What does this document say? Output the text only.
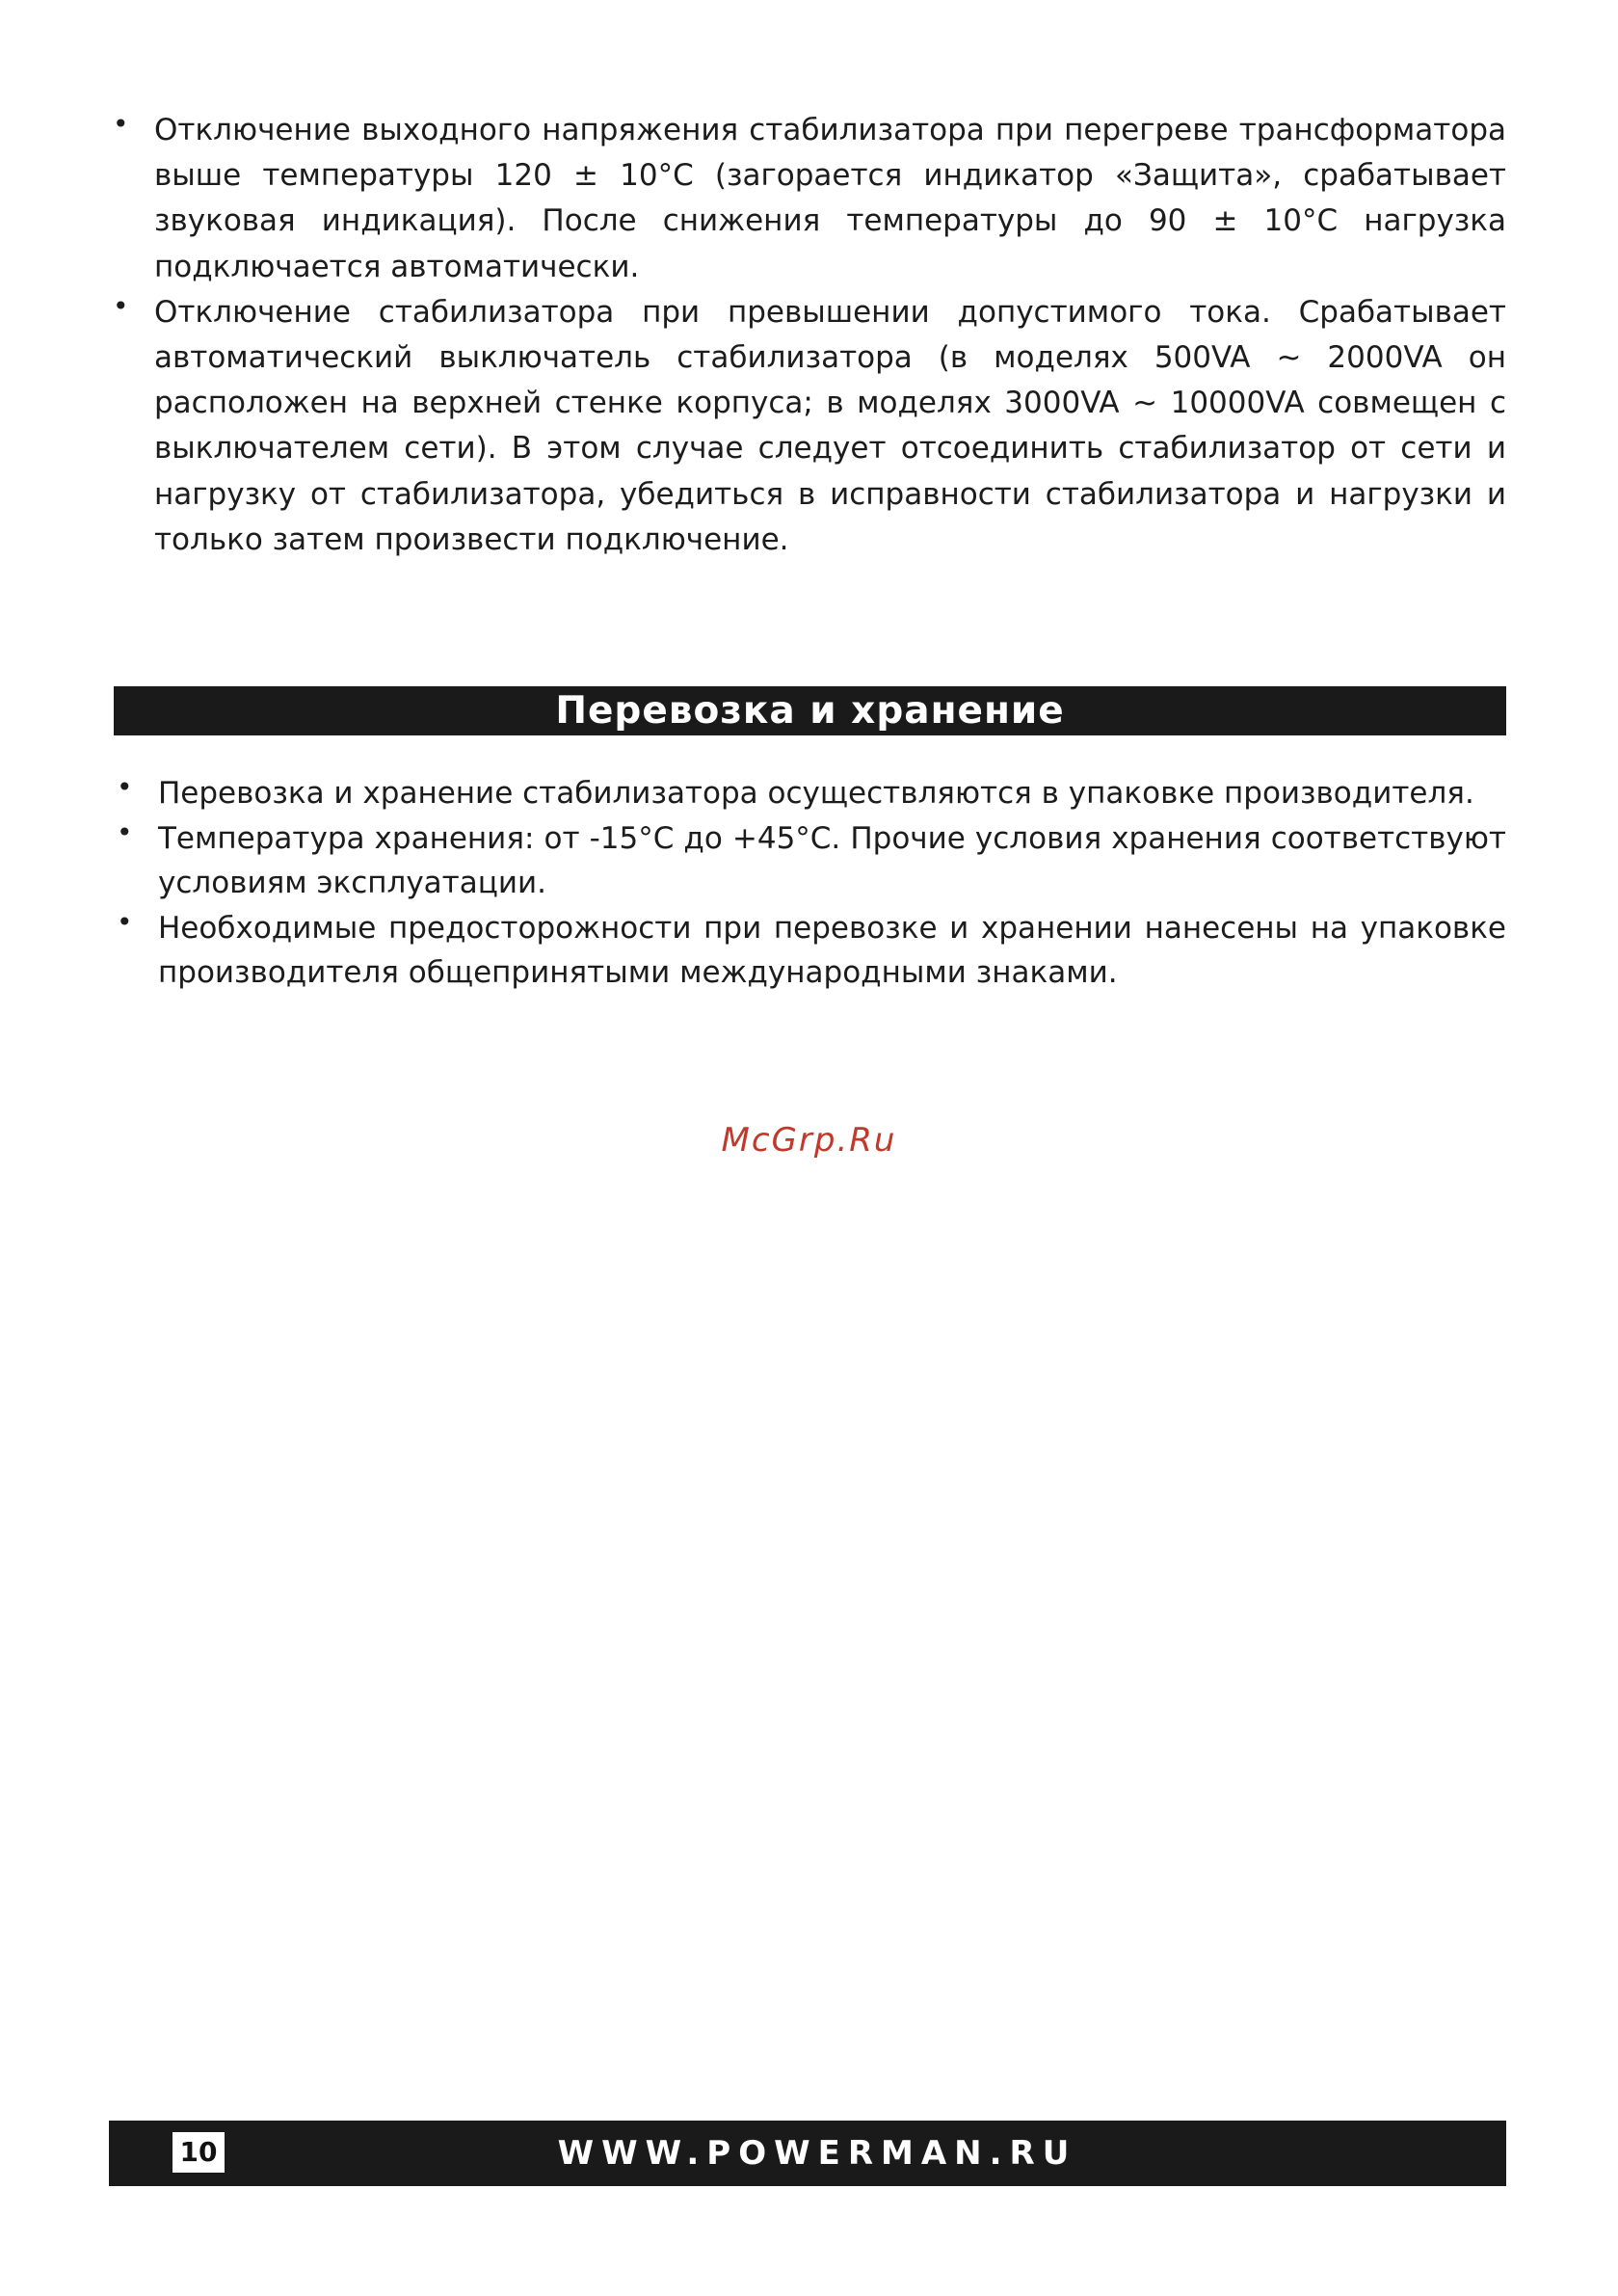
• Отключение выходного напряжения стабилизатора при перегреве трансформатора выше температуры 120 ± 10°С (загорается индикатор «Защита», срабатывает звуковая индикация). После снижения температуры до 90 ± 10°С нагрузка подключается автоматически.
• Отключение стабилизатора при превышении допустимого тока. Срабатывает автоматический выключатель стабилизатора (в моделях 500VA ~ 2000VA он расположен на верхней стенке корпуса; в моделях 3000VA ~ 10000VA совмещен с выключателем сети). В этом случае следует отсоединить стабилизатор от сети и нагрузку от стабилизатора, убедиться в исправности стабилизатора и нагрузки и только затем произвести подключение.
Перевозка и хранение
• Перевозка и хранение стабилизатора осуществляются в упаковке производителя.
• Температура хранения: от -15°С до +45°С. Прочие условия хранения соответствуют условиям эксплуатации.
• Необходимые предосторожности при перевозке и хранении нанесены на упаковке производителя общепринятыми международными знаками.
McGrp.Ru
10	WWW.POWERMAN.RU
